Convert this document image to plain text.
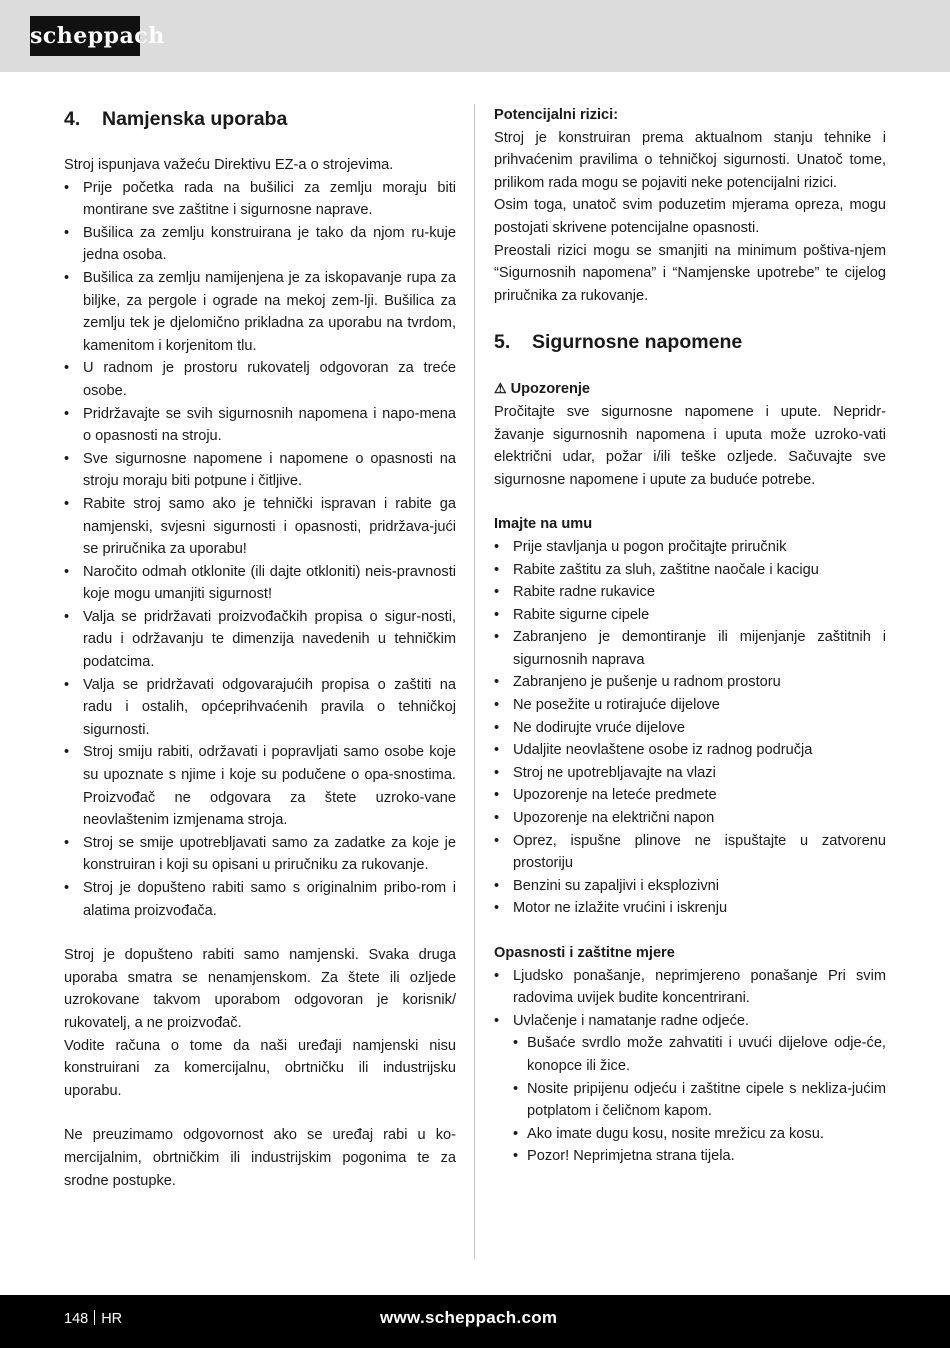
scheppach
4. Namjenska uporaba

Stroj ispunjava važeću Direktivu EZ-a o strojevima.

• Prije početka rada na bušilici za zemlju moraju biti montirane sve zaštitne i sigurnosne naprave.
• Bušilica za zemlju konstruirana je tako da njom ru-kuje jedna osoba.
• Bušilica za zemlju namijenjena je za iskopavanje rupa za biljke, za pergole i ograde na mekoj zem-lji. Bušilica za zemlju tek je djelomično prikladna za uporabu na tvrdom, kamenitom i korjenitom tlu.
• U radnom je prostoru rukovatelj odgovoran za treće osobe.
• Pridržavajte se svih sigurnosnih napomena i napo-mena o opasnosti na stroju.
• Sve sigurnosne napomene i napomene o opasnosti na stroju moraju biti potpune i čitljive.
• Rabite stroj samo ako je tehnički ispravan i rabite ga namjenski, svjesni sigurnosti i opasnosti, pridržava-jući se priručnika za uporabu!
• Naročito odmah otklonite (ili dajte otkloniti) neis-pravnosti koje mogu umanjiti sigurnost!
• Valja se pridržavati proizvođačkih propisa o sigur-nosti, radu i održavanju te dimenzija navedenih u tehničkim podatcima.
• Valja se pridržavati odgovarajućih propisa o zaštiti na radu i ostalih, općeprihvaćenih pravila o tehničkoj sigurnosti.
• Stroj smiju rabiti, održavati i popravljati samo osobe koje su upoznate s njime i koje su podučene o opa-snostima. Proizvođač ne odgovara za štete uzroko-vane neovlaštenim izmjenama stroja.
• Stroj se smije upotrebljavati samo za zadatke za koje je konstruiran i koji su opisani u priručniku za rukovanje.
• Stroj je dopušteno rabiti samo s originalnim pribo-rom i alatima proizvođača.

Stroj je dopušteno rabiti samo namjenski. Svaka druga uporaba smatra se nenamjenskom. Za štete ili ozljede uzrokovane takvom uporabom odgovoran je korisnik/ rukovatelj, a ne proizvođač.

Vodite računa o tome da naši uređaji namjenski nisu konstruirani za komercijalnu, obrtničku ili industrijsku uporabu.

Ne preuzimamo odgovornost ako se uređaj rabi u ko-mercijalnim, obrtničkim ili industrijskim pogonima te za srodne postupke.

Potencijalni rizici:

Stroj je konstruiran prema aktualnom stanju tehnike i prihvaćenim pravilima o tehničkoj sigurnosti. Unatoč tome, prilikom rada mogu se pojaviti neke potencijalni rizici.

Osim toga, unatoč svim poduzetim mjerama opreza, mogu postojati skrivene potencijalne opasnosti.

Preostali rizici mogu se smanjiti na minimum poštiva-njem “Sigurnosnih napomena” i “Namjenske upotrebe” te cijelog priručnika za rukovanje.

5. Sigurnosne napomene

⚠ Upozorenje

Pročitajte sve sigurnosne napomene i upute. Nepridr-žavanje sigurnosnih napomena i uputa može uzroko-vati električni udar, požar i/ili teške ozljede. Sačuvajte sve sigurnosne napomene i upute za buduće potrebe.

Imajte na umu

• Prije stavljanja u pogon pročitajte priručnik
• Rabite zaštitu za sluh, zaštitne naočale i kacigu
• Rabite radne rukavice
• Rabite sigurne cipele
• Zabranjeno je demontiranje ili mijenjanje zaštitnih i sigurnosnih naprava
• Zabranjeno je pušenje u radnom prostoru
• Ne posežite u rotirajuće dijelove
• Ne dodirujte vruće dijelove
• Udaljite neovlaštene osobe iz radnog područja
• Stroj ne upotrebljavajte na vlazi
• Upozorenje na leteće predmete
• Upozorenje na električni napon
• Oprez, ispušne plinove ne ispuštajte u zatvorenu prostoriju
• Benzini su zapaljivi i eksplozivni
• Motor ne izlažite vrućini i iskrenju

Opasnosti i zaštitne mjere

• Ljudsko ponašanje, neprimjereno ponašanje Pri svim radovima uvijek budite koncentrirani.
• Uvlačenje i namatanje radne odjeće.
• Bušaće svrdlo može zahvatiti i uvući dijelove odje-će, konopce ili žice.
• Nosite pripijenu odjeću i zaštitne cipele s nekliza-jućim potplatom i čeličnom kapom.
• Ako imate dugu kosu, nosite mrežicu za kosu.
• Pozor! Neprimjetna strana tijela.
148 HR	www.scheppach.com
